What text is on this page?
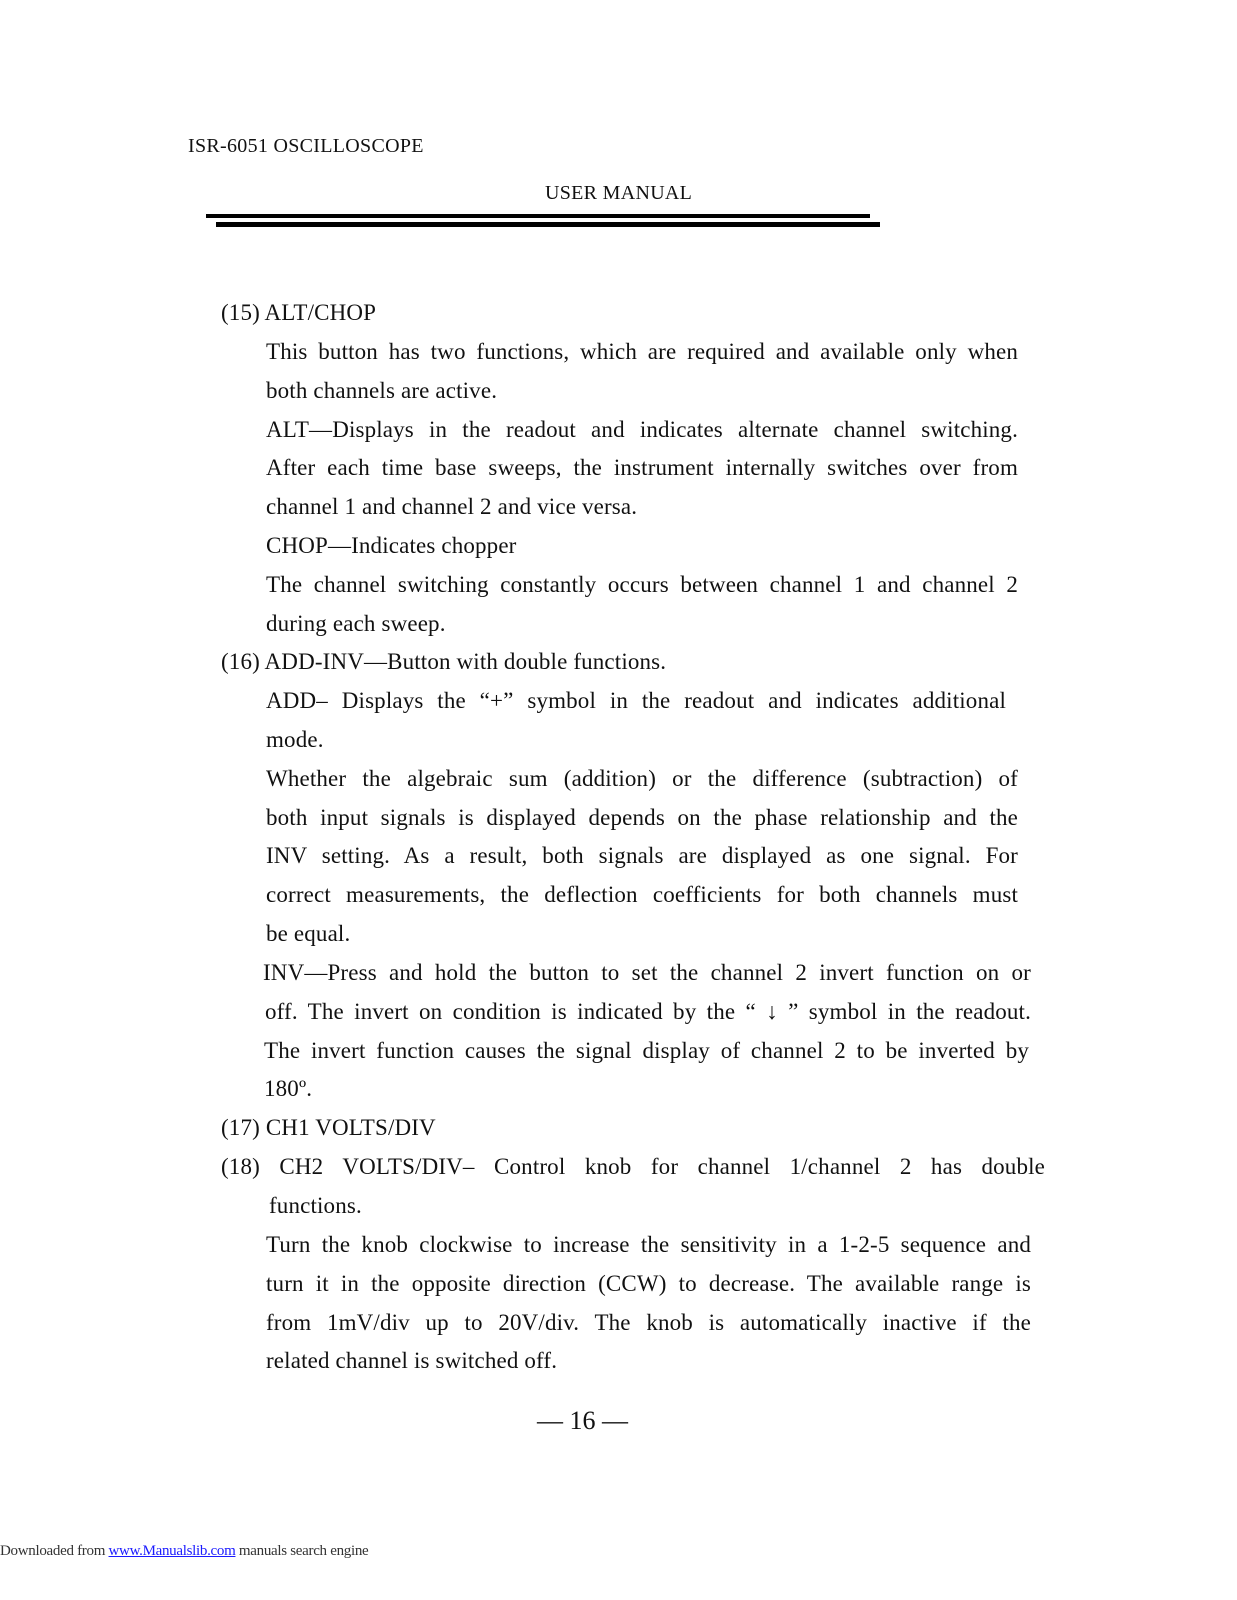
ISR-6051 OSCILLOSCOPE
USER MANUAL
(15) ALT/CHOP
This button has two functions, which are required and available only when
both channels are active.
ALT—Displays in the readout and indicates alternate channel switching.
After each time base sweeps, the instrument internally switches over from
channel 1 and channel 2 and vice versa.
CHOP—Indicates chopper
The channel switching constantly occurs between channel 1 and channel 2
during each sweep.
(16) ADD-INV—Button with double functions.
ADD– Displays the “+” symbol in the readout and indicates additional
mode.
Whether the algebraic sum (addition) or the difference (subtraction) of
both input signals is displayed depends on the phase relationship and the
INV setting. As a result, both signals are displayed as one signal. For
correct measurements, the deflection coefficients for both channels must
be equal.
INV—Press and hold the button to set the channel 2 invert function on or
off. The invert on condition is indicated by the “ ↓ ” symbol in the readout.
The invert function causes the signal display of channel 2 to be inverted by
180º.
(17) CH1 VOLTS/DIV
(18) CH2 VOLTS/DIV– Control knob for channel 1/channel 2 has double
functions.
Turn the knob clockwise to increase the sensitivity in a 1-2-5 sequence and
turn it in the opposite direction (CCW) to decrease. The available range is
from 1mV/div up to 20V/div. The knob is automatically inactive if the
related channel is switched off.
— 16 —
Downloaded from www.Manualslib.com manuals search engine
